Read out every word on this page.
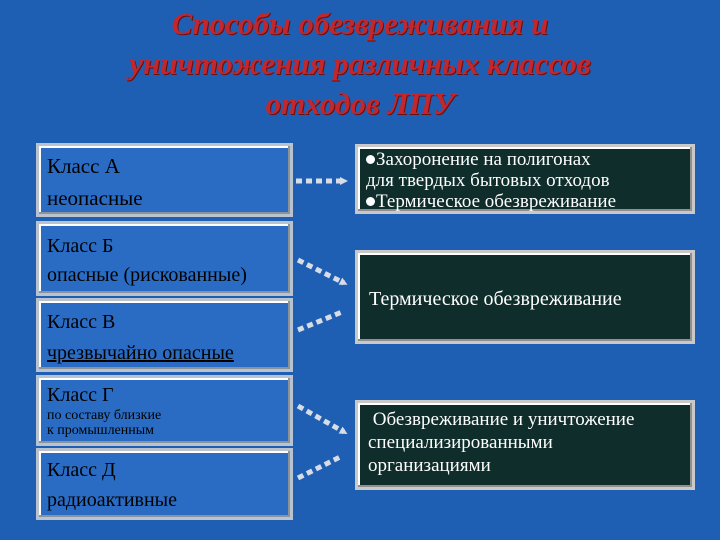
Способы обезвреживания и
уничтожения различных классов
отходов ЛПУ
Класс А
неопасные
Класс Б
опасные (рискованные)
Класс В
чрезвычайно опасные
Класс Г
по составу близкие
к промышленным
Класс Д
радиоактивные
Захоронение на полигонах
для твердых бытовых отходов
Термическое обезвреживание
Термическое обезвреживание
Обезвреживание и уничтожение
специализированными
организациями
